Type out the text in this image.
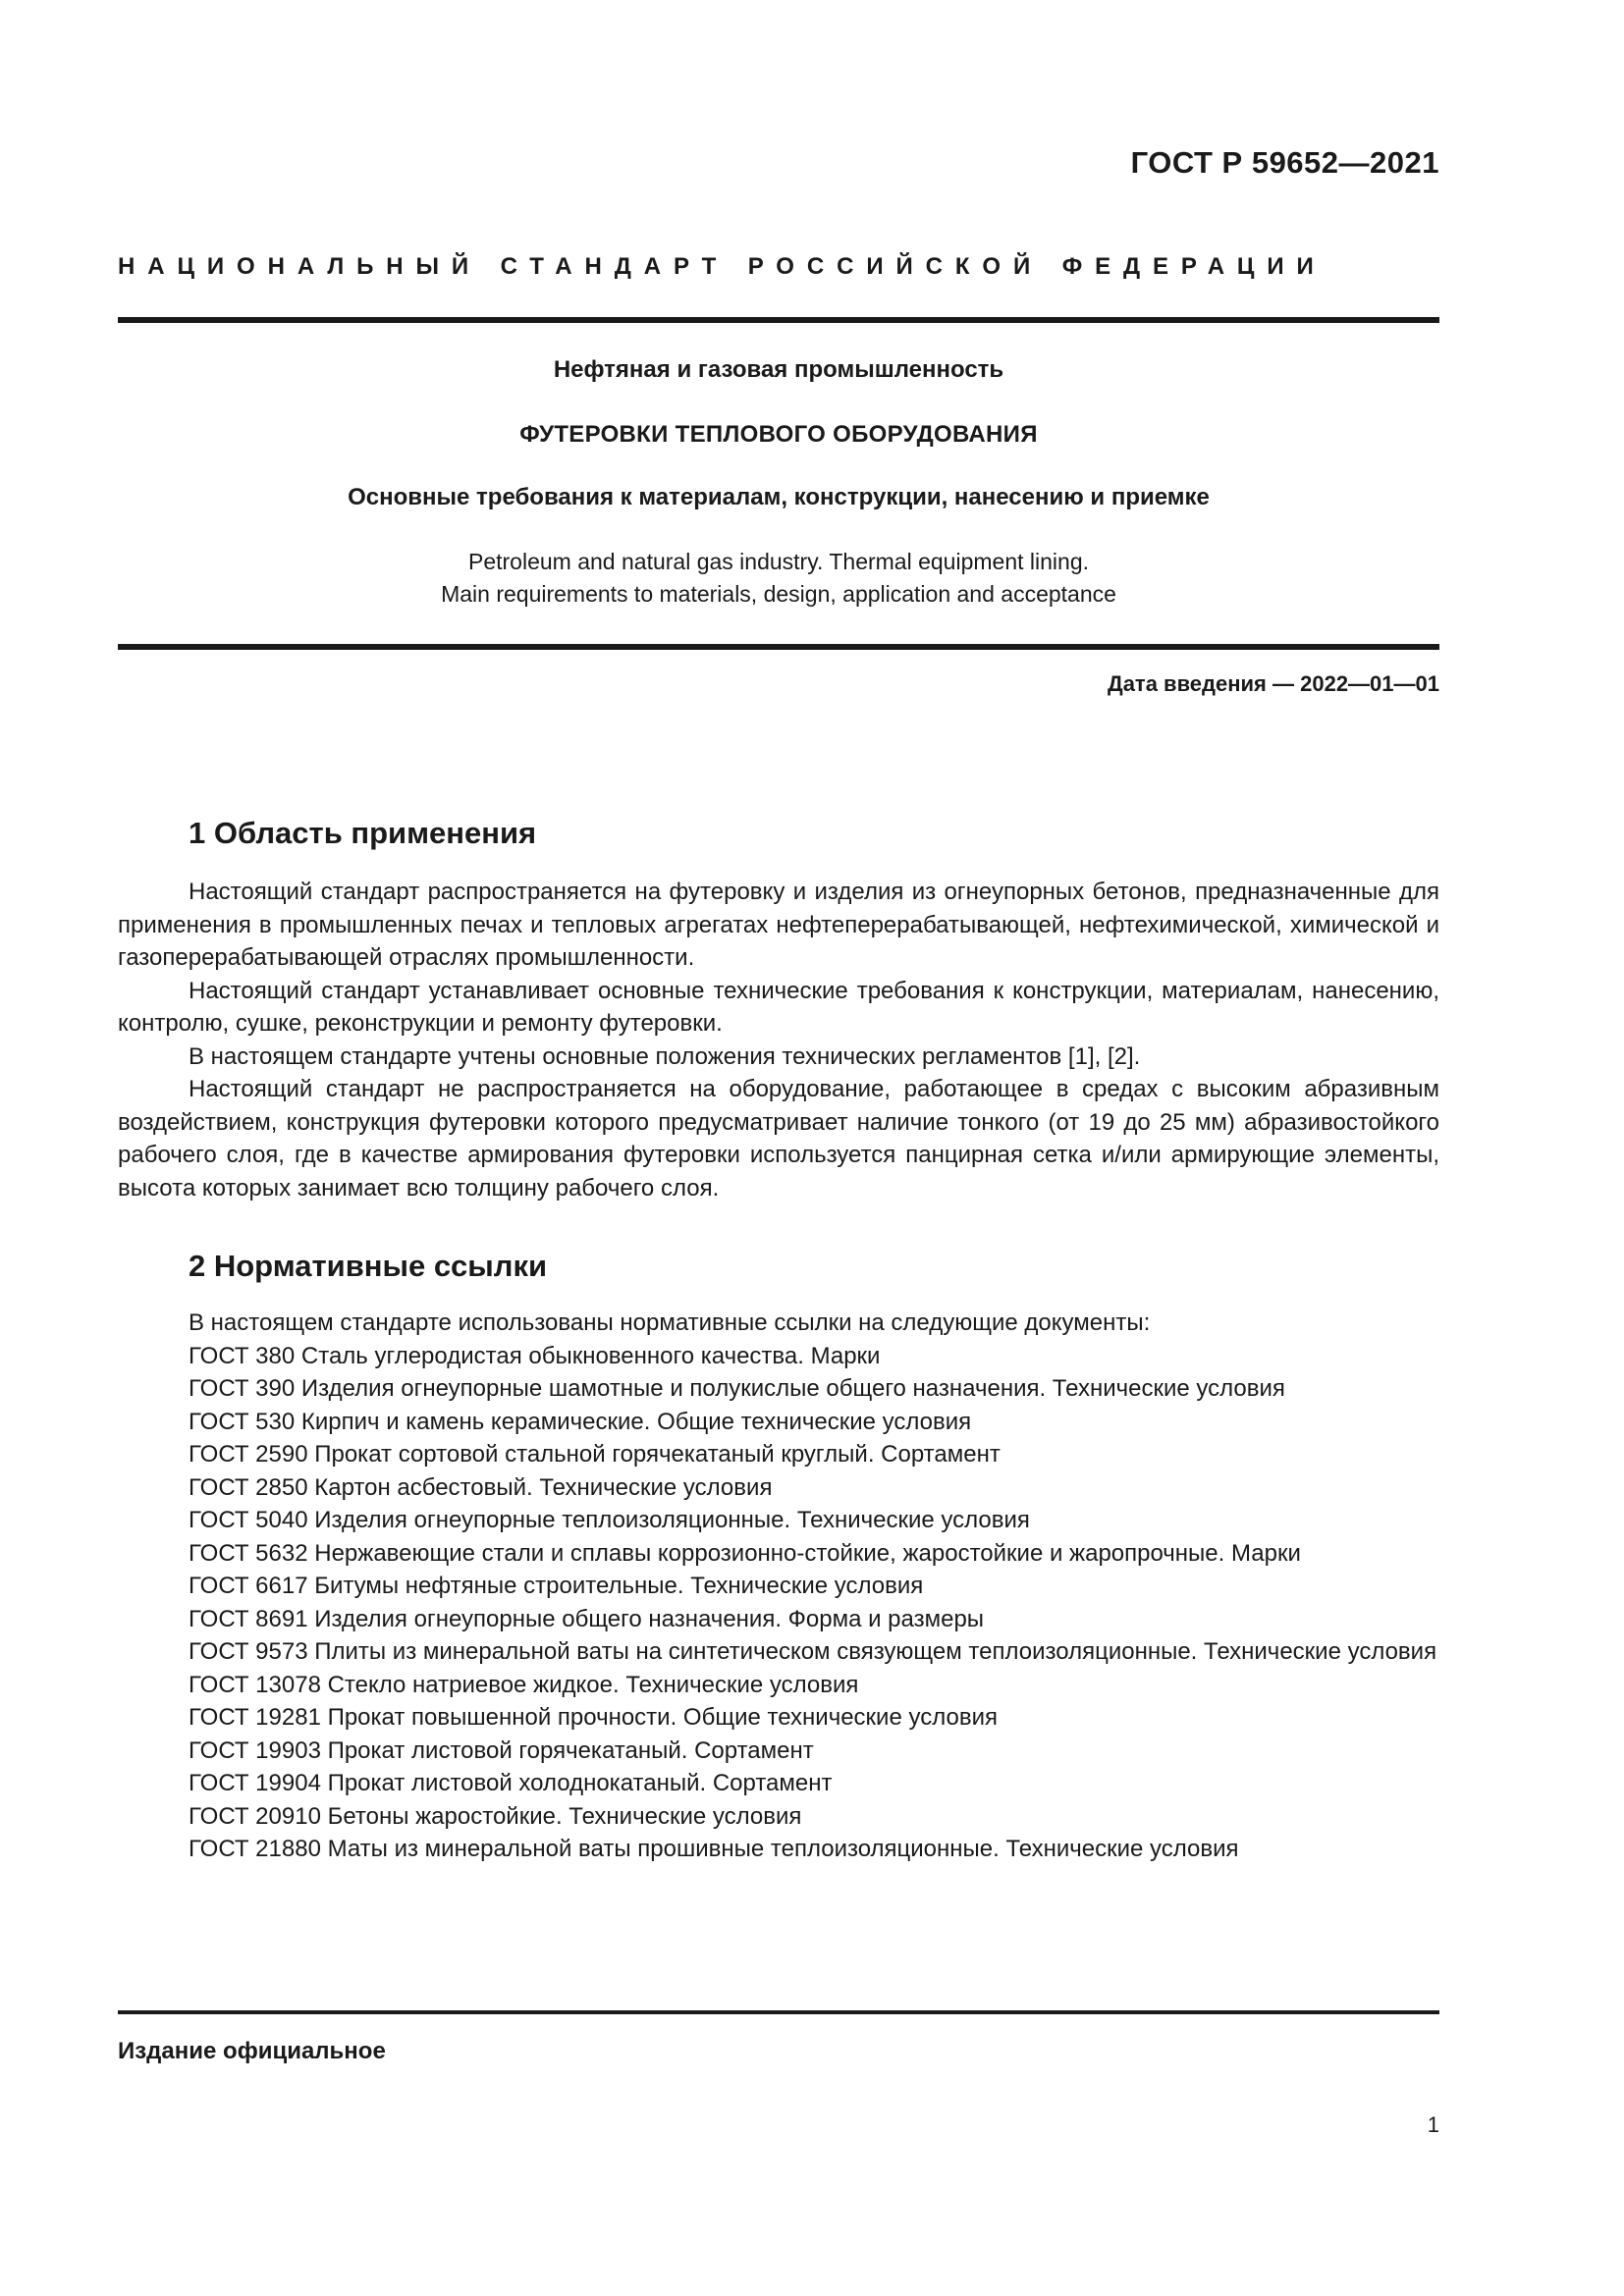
ГОСТ Р 59652—2021
НАЦИОНАЛЬНЫЙ СТАНДАРТ РОССИЙСКОЙ ФЕДЕРАЦИИ
Нефтяная и газовая промышленность
ФУТЕРОВКИ ТЕПЛОВОГО ОБОРУДОВАНИЯ
Основные требования к материалам, конструкции, нанесению и приемке
Petroleum and natural gas industry. Thermal equipment lining.
Main requirements to materials, design, application and acceptance
Дата введения — 2022—01—01
1 Область применения

Настоящий стандарт распространяется на футеровку и изделия из огнеупорных бетонов, предназначенные для применения в промышленных печах и тепловых агрегатах нефтеперерабатывающей, нефтехимической, химической и газоперерабатывающей отраслях промышленности.

Настоящий стандарт устанавливает основные технические требования к конструкции, материалам, нанесению, контролю, сушке, реконструкции и ремонту футеровки.

В настоящем стандарте учтены основные положения технических регламентов [1], [2].

Настоящий стандарт не распространяется на оборудование, работающее в средах с высоким абразивным воздействием, конструкция футеровки которого предусматривает наличие тонкого (от 19 до 25 мм) абразивостойкого рабочего слоя, где в качестве армирования футеровки используется панцирная сетка и/или армирующие элементы, высота которых занимает всю толщину рабочего слоя.

2 Нормативные ссылки

В настоящем стандарте использованы нормативные ссылки на следующие документы:

ГОСТ 380 Сталь углеродистая обыкновенного качества. Марки

ГОСТ 390 Изделия огнеупорные шамотные и полукислые общего назначения. Технические условия

ГОСТ 530 Кирпич и камень керамические. Общие технические условия

ГОСТ 2590 Прокат сортовой стальной горячекатаный круглый. Сортамент

ГОСТ 2850 Картон асбестовый. Технические условия

ГОСТ 5040 Изделия огнеупорные теплоизоляционные. Технические условия

ГОСТ 5632 Нержавеющие стали и сплавы коррозионно-стойкие, жаростойкие и жаропрочные. Марки

ГОСТ 6617 Битумы нефтяные строительные. Технические условия

ГОСТ 8691 Изделия огнеупорные общего назначения. Форма и размеры

ГОСТ 9573 Плиты из минеральной ваты на синтетическом связующем теплоизоляционные. Технические условия

ГОСТ 13078 Стекло натриевое жидкое. Технические условия

ГОСТ 19281 Прокат повышенной прочности. Общие технические условия

ГОСТ 19903 Прокат листовой горячекатаный. Сортамент

ГОСТ 19904 Прокат листовой холоднокатаный. Сортамент

ГОСТ 20910 Бетоны жаростойкие. Технические условия

ГОСТ 21880 Маты из минеральной ваты прошивные теплоизоляционные. Технические условия

Издание официальное
1
